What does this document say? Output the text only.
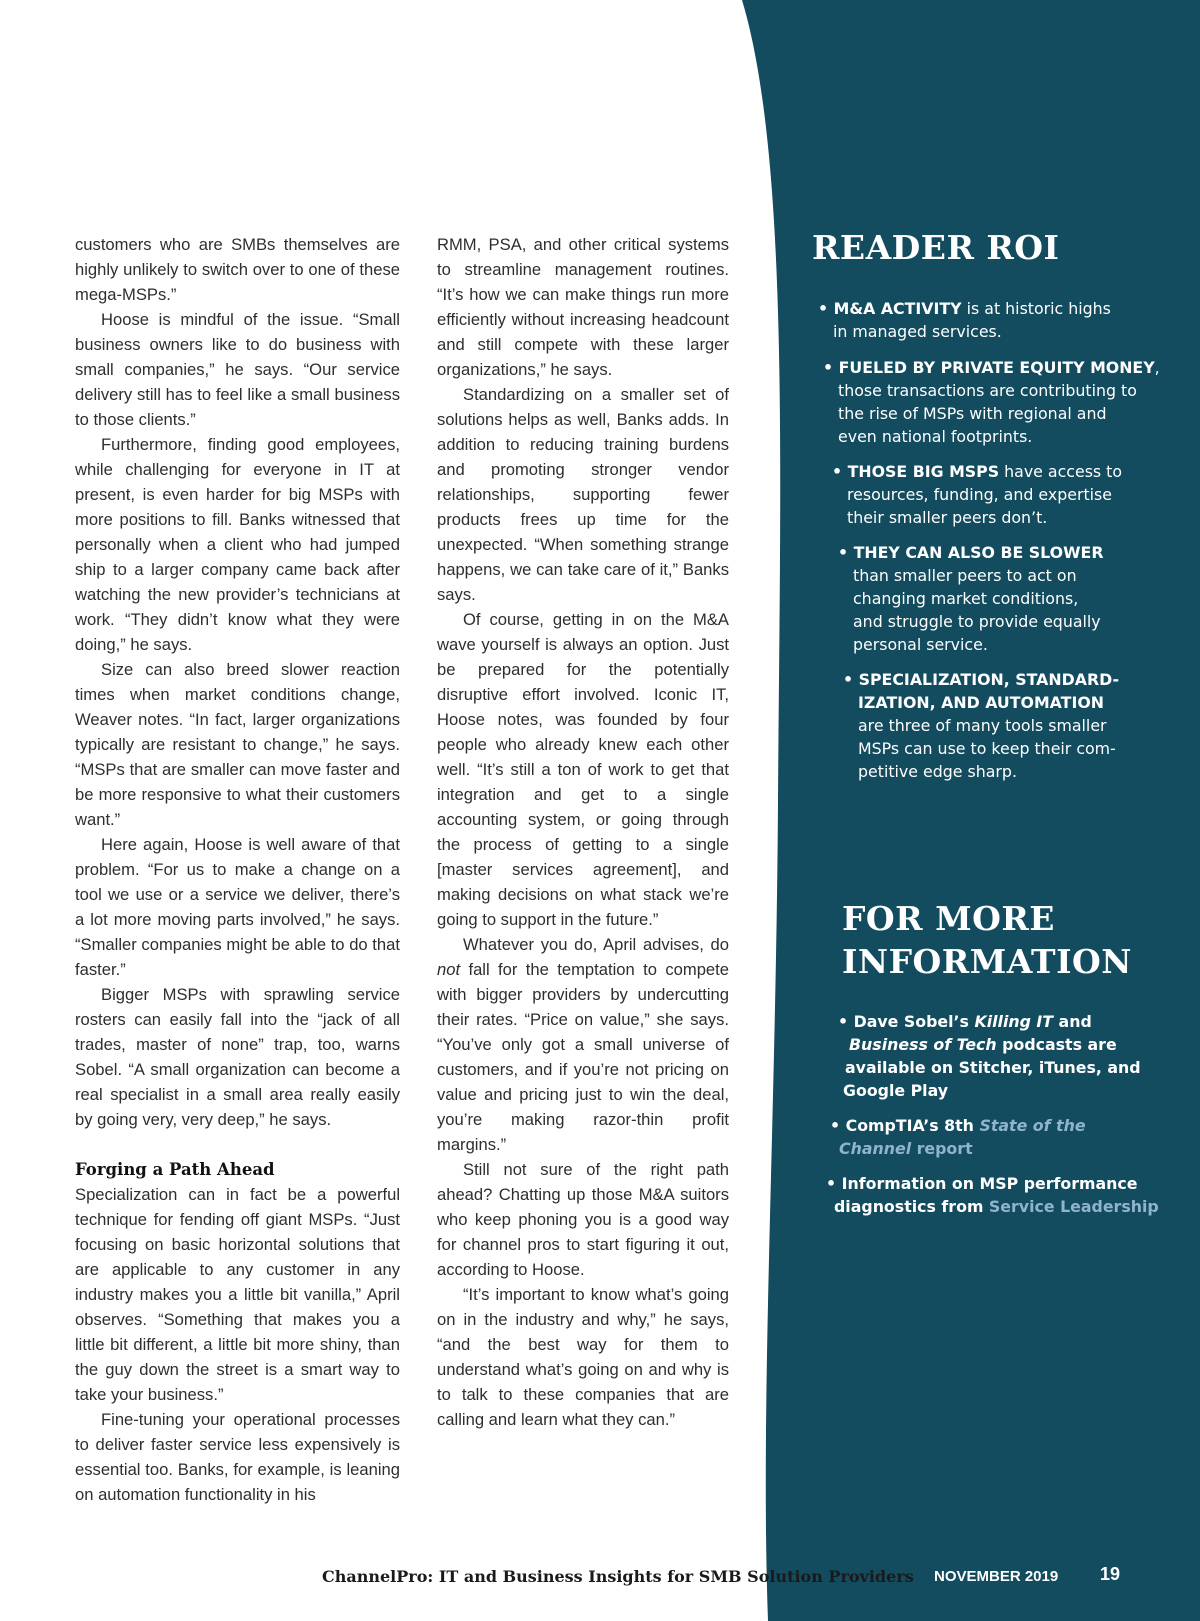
customers who are SMBs themselves are highly unlikely to switch over to one of these mega-MSPs.”

Hoose is mindful of the issue. “Small business owners like to do business with small companies,” he says. “Our service delivery still has to feel like a small business to those clients.”

Furthermore, finding good employees, while challenging for everyone in IT at present, is even harder for big MSPs with more positions to fill. Banks witnessed that personally when a client who had jumped ship to a larger company came back after watching the new provider’s technicians at work. “They didn’t know what they were doing,” he says.

Size can also breed slower reaction times when market conditions change, Weaver notes. “In fact, larger organizations typically are resistant to change,” he says. “MSPs that are smaller can move faster and be more responsive to what their customers want.”

Here again, Hoose is well aware of that problem. “For us to make a change on a tool we use or a service we deliver, there’s a lot more moving parts involved,” he says. “Smaller companies might be able to do that faster.”

Bigger MSPs with sprawling service rosters can easily fall into the “jack of all trades, master of none” trap, too, warns Sobel. “A small organization can become a real specialist in a small area really easily by going very, very deep,” he says.

Forging a Path Ahead

Specialization can in fact be a powerful technique for fending off giant MSPs. “Just focusing on basic horizontal solutions that are applicable to any customer in any industry makes you a little bit vanilla,” April observes. “Something that makes you a little bit different, a little bit more shiny, than the guy down the street is a smart way to take your business.”

Fine-tuning your operational processes to deliver faster service less expensively is essential too. Banks, for example, is leaning on automation functionality in his

RMM, PSA, and other critical systems to streamline management routines. “It’s how we can make things run more efficiently without increasing headcount and still compete with these larger organizations,” he says.

Standardizing on a smaller set of solutions helps as well, Banks adds. In addition to reducing training burdens and promoting stronger vendor relationships, supporting fewer products frees up time for the unexpected. “When something strange happens, we can take care of it,” Banks says.

Of course, getting in on the M&A wave yourself is always an option. Just be prepared for the potentially disruptive effort involved. Iconic IT, Hoose notes, was founded by four people who already knew each other well. “It’s still a ton of work to get that integration and get to a single accounting system, or going through the process of getting to a single [master services agreement], and making decisions on what stack we’re going to support in the future.”

Whatever you do, April advises, do not fall for the temptation to compete with bigger providers by undercutting their rates. “Price on value,” she says. “You’ve only got a small universe of customers, and if you’re not pricing on value and pricing just to win the deal, you’re making razor-thin profit margins.”

Still not sure of the right path ahead? Chatting up those M&A suitors who keep phoning you is a good way for channel pros to start figuring it out, according to Hoose.

“It’s important to know what’s going on in the industry and why,” he says, “and the best way for them to understand what’s going on and why is to talk to these companies that are calling and learn what they can.”

READER ROI
• M&A ACTIVITY is at historic highs
in managed services.
• FUELED BY PRIVATE EQUITY MONEY,
those transactions are contributing to
the rise of MSPs with regional and
even national footprints.
• THOSE BIG MSPS have access to
resources, funding, and expertise
their smaller peers don’t.
• THEY CAN ALSO BE SLOWER
than smaller peers to act on
changing market conditions,
and struggle to provide equally
personal service.
• SPECIALIZATION, STANDARD-
IZATION, AND AUTOMATION
are three of many tools smaller
MSPs can use to keep their com-
petitive edge sharp.
FOR MORE
INFORMATION
• Dave Sobel’s Killing IT and
Business of Tech podcasts are
available on Stitcher, iTunes, and
Google Play
• CompTIA’s 8th State of the
Channel report
• Information on MSP performance
diagnostics from Service Leadership
ChannelPro: IT and Business Insights for SMB Solution Providers NOVEMBER 2019 19
